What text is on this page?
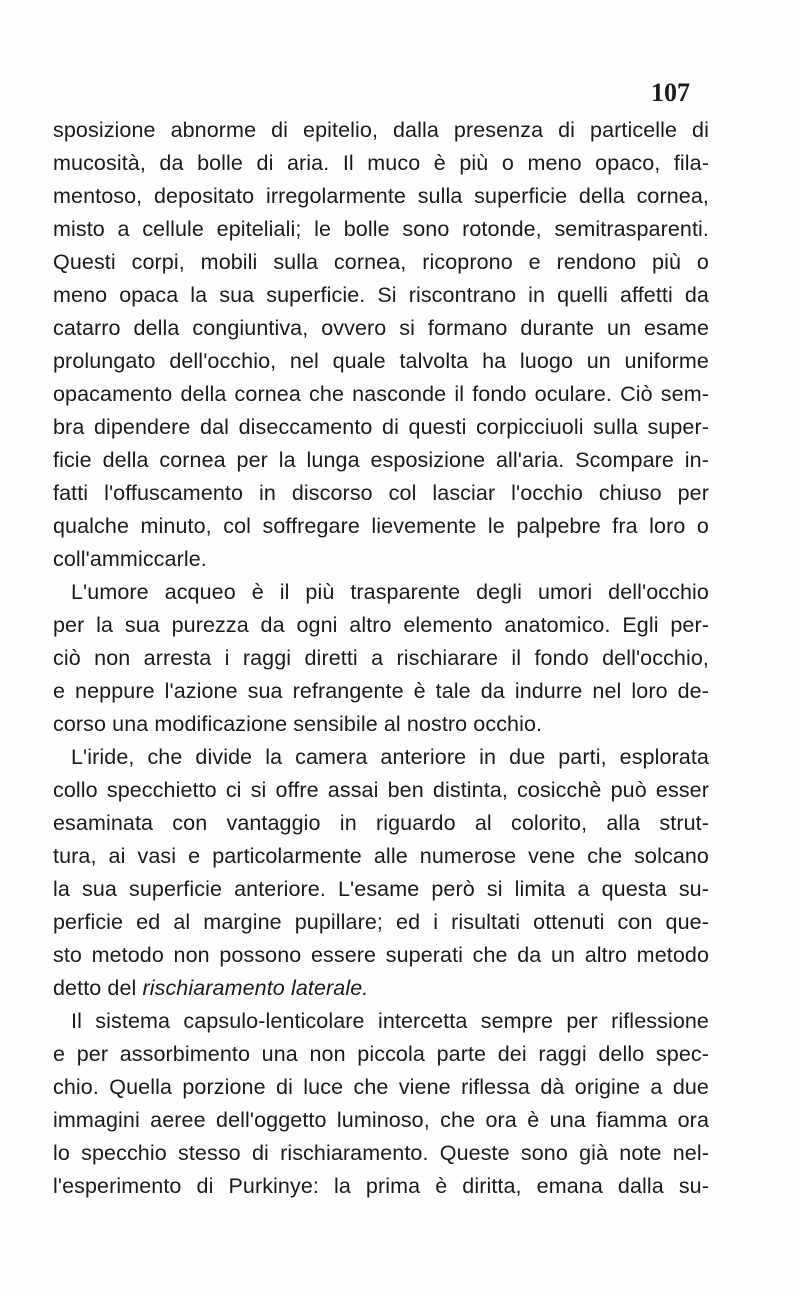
107
sposizione abnorme di epitelio, dalla presenza di particelle di
mucosità, da bolle di aria. Il muco è più o meno opaco, fila-
mentoso, depositato irregolarmente sulla superficie della cornea,
misto a cellule epiteliali; le bolle sono rotonde, semitrasparenti.
Questi corpi, mobili sulla cornea, ricoprono e rendono più o
meno opaca la sua superficie. Si riscontrano in quelli affetti da
catarro della congiuntiva, ovvero si formano durante un esame
prolungato dell'occhio, nel quale talvolta ha luogo un uniforme
opacamento della cornea che nasconde il fondo oculare. Ciò sem-
bra dipendere dal diseccamento di questi corpicciuoli sulla super-
ficie della cornea per la lunga esposizione all'aria. Scompare in-
fatti l'offuscamento in discorso col lasciar l'occhio chiuso per
qualche minuto, col soffregare lievemente le palpebre fra loro o
coll'ammiccarle.
L'umore acqueo è il più trasparente degli umori dell'occhio
per la sua purezza da ogni altro elemento anatomico. Egli per-
ciò non arresta i raggi diretti a rischiarare il fondo dell'occhio,
e neppure l'azione sua refrangente è tale da indurre nel loro de-
corso una modificazione sensibile al nostro occhio.
L'iride, che divide la camera anteriore in due parti, esplorata
collo specchietto ci si offre assai ben distinta, cosicchè può esser
esaminata con vantaggio in riguardo al colorito, alla strut-
tura, ai vasi e particolarmente alle numerose vene che solcano
la sua superficie anteriore. L'esame però si limita a questa su-
perficie ed al margine pupillare; ed i risultati ottenuti con que-
sto metodo non possono essere superati che da un altro metodo
detto del rischiaramento laterale.
Il sistema capsulo-lenticolare intercetta sempre per riflessione
e per assorbimento una non piccola parte dei raggi dello spec-
chio. Quella porzione di luce che viene riflessa dà origine a due
immagini aeree dell'oggetto luminoso, che ora è una fiamma ora
lo specchio stesso di rischiaramento. Queste sono già note nel-
l'esperimento di Purkinye: la prima è diritta, emana dalla su-
